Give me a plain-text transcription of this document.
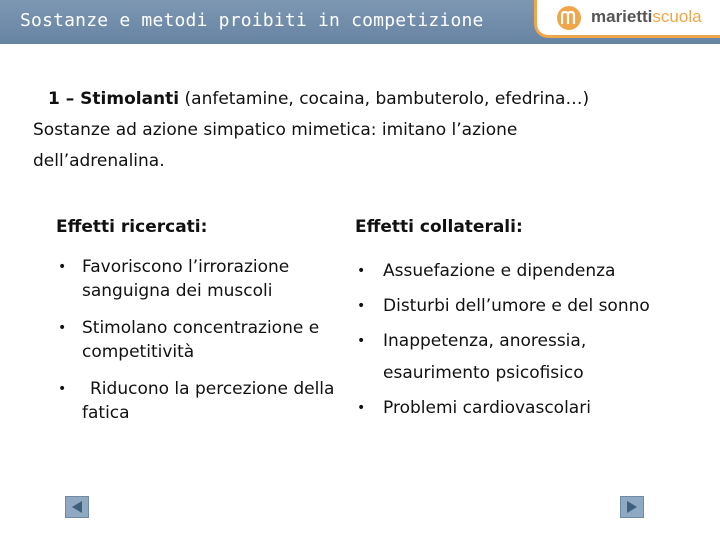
Sostanze e metodi proibiti in competizione	mariettiscuola
1 – Stimolanti (anfetamine, cocaina, bambuterolo, efedrina…)
Sostanze ad azione simpatico mimetica: imitano l’azione
dell’adrenalina.
Effetti ricercati:
• Favoriscono l’irrorazione sanguigna dei muscoli
• Stimolano concentrazione e competitività
• Riducono la percezione della fatica
Effetti collaterali:
• Assuefazione e dipendenza
• Disturbi dell’umore e del sonno
• Inappetenza, anoressia, esaurimento psicofisico
• Problemi cardiovascolari
